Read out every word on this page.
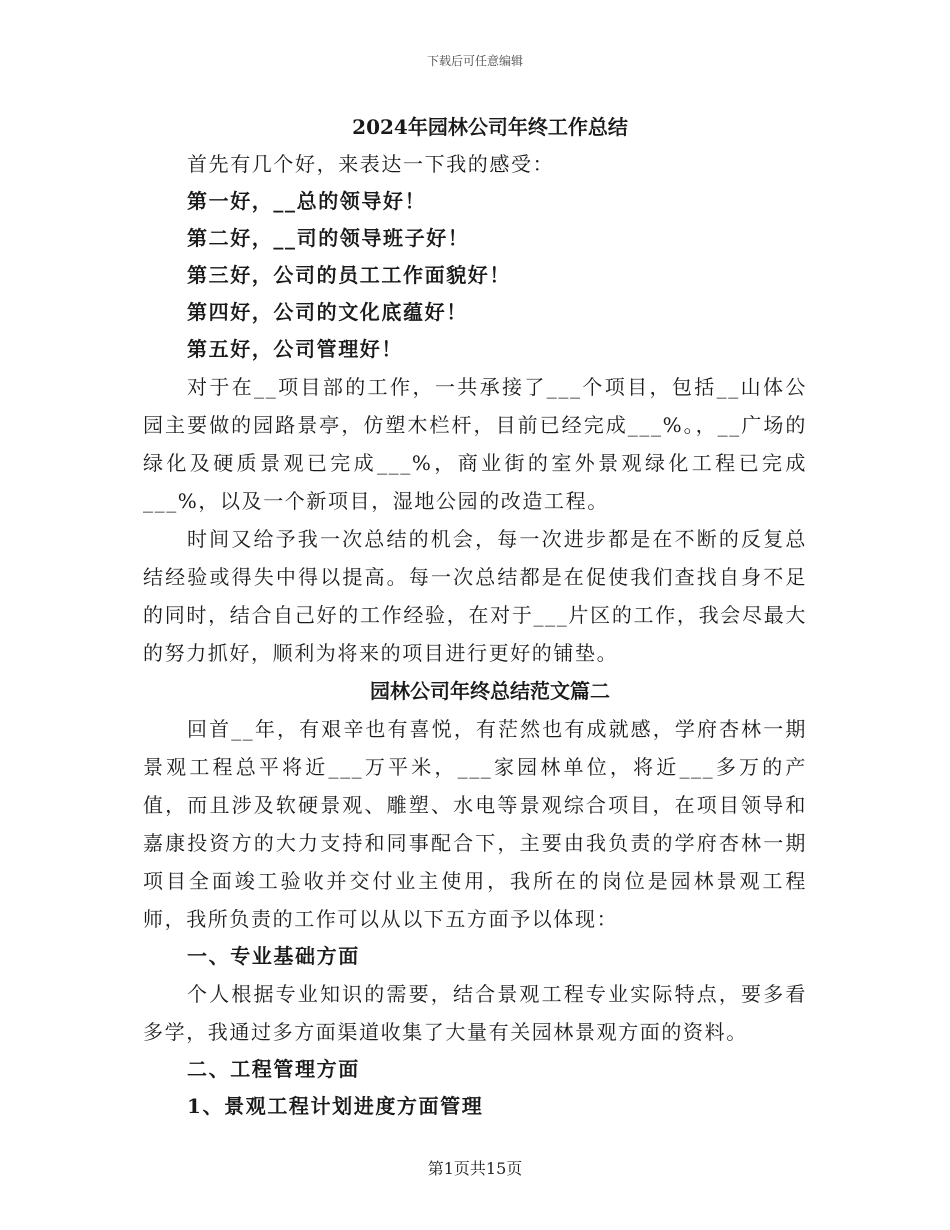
下载后可任意编辑
2024年园林公司年终工作总结

首先有几个好，来表达一下我的感受：

第一好，__总的领导好！

第二好，__司的领导班子好！

第三好，公司的员工工作面貌好！

第四好，公司的文化底蕴好！

第五好，公司管理好！

对于在__项目部的工作，一共承接了___个项目，包括__山体公园主要做的园路景亭，仿塑木栏杆，目前已经完成___%。，__广场的绿化及硬质景观已完成___%，商业街的室外景观绿化工程已完成___%，以及一个新项目，湿地公园的改造工程。

时间又给予我一次总结的机会，每一次进步都是在不断的反复总结经验或得失中得以提高。每一次总结都是在促使我们查找自身不足的同时，结合自己好的工作经验，在对于___片区的工作，我会尽最大的努力抓好，顺利为将来的项目进行更好的铺垫。

园林公司年终总结范文篇二

回首__年，有艰辛也有喜悦，有茫然也有成就感，学府杏林一期景观工程总平将近___万平米，___家园林单位，将近___多万的产值，而且涉及软硬景观、雕塑、水电等景观综合项目，在项目领导和嘉康投资方的大力支持和同事配合下，主要由我负责的学府杏林一期项目全面竣工验收并交付业主使用，我所在的岗位是园林景观工程师，我所负责的工作可以从以下五方面予以体现：

一、专业基础方面

个人根据专业知识的需要，结合景观工程专业实际特点，要多看多学，我通过多方面渠道收集了大量有关园林景观方面的资料。

二、工程管理方面

1、景观工程计划进度方面管理

第1页共15页
